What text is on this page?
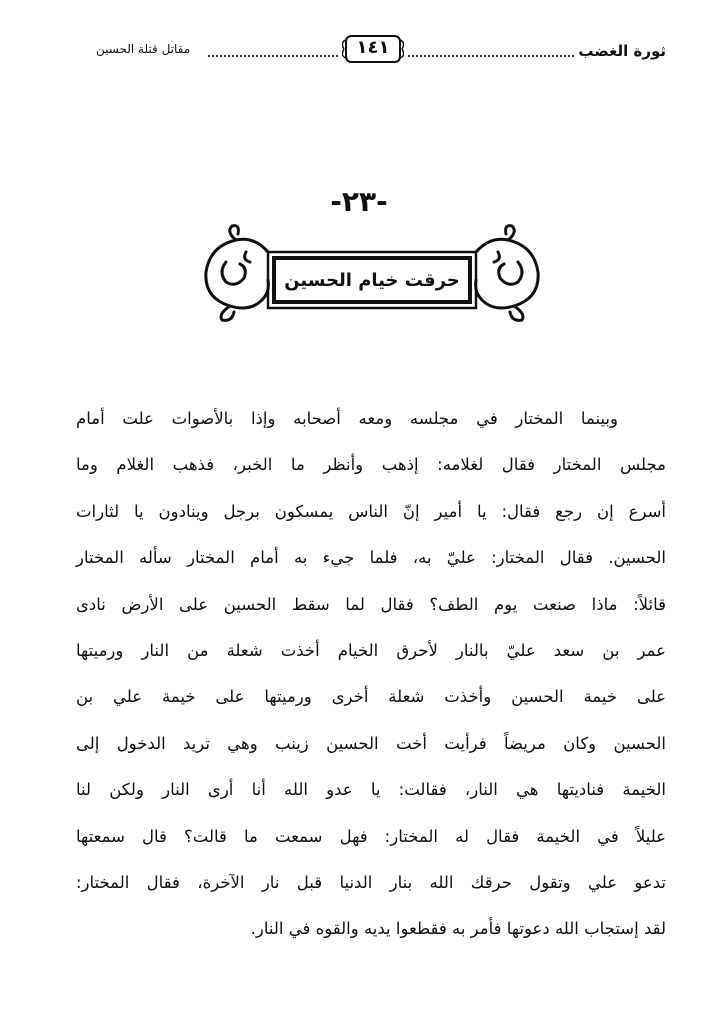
ثورة الغضب
١٤١
مقاتل قتلة الحسين
-٢٣-
حرقت خيام الحسين
وبينما المختار في مجلسه ومعه أصحابه وإذا بالأصوات علت أمام
مجلس المختار فقال لغلامه: إذهب وأنظر ما الخبر، فذهب الغلام وما
أسرع إن رجع فقال: يا أمير إنّ الناس يمسكون برجل وينادون يا لثارات
الحسين. فقال المختار: عليّ به، فلما جيء به أمام المختار سأله المختار
قائلاً: ماذا صنعت يوم الطف؟ فقال لما سقط الحسين على الأرض نادى
عمر بن سعد عليّ بالنار لأحرق الخيام أخذت شعلة من النار ورميتها
على خيمة الحسين وأخذت شعلة أخرى ورميتها على خيمة علي بن
الحسين وكان مريضاً فرأيت أخت الحسين زينب وهي تريد الدخول إلى
الخيمة فناديتها هي النار، فقالت: يا عدو الله أنا أرى النار ولكن لنا
عليلاً في الخيمة فقال له المختار: فهل سمعت ما قالت؟ قال سمعتها
تدعو علي وتقول حرقك الله بنار الدنيا قبل نار الآخرة، فقال المختار:
لقد إستجاب الله دعوتها فأمر به فقطعوا يديه والقوه في النار.
